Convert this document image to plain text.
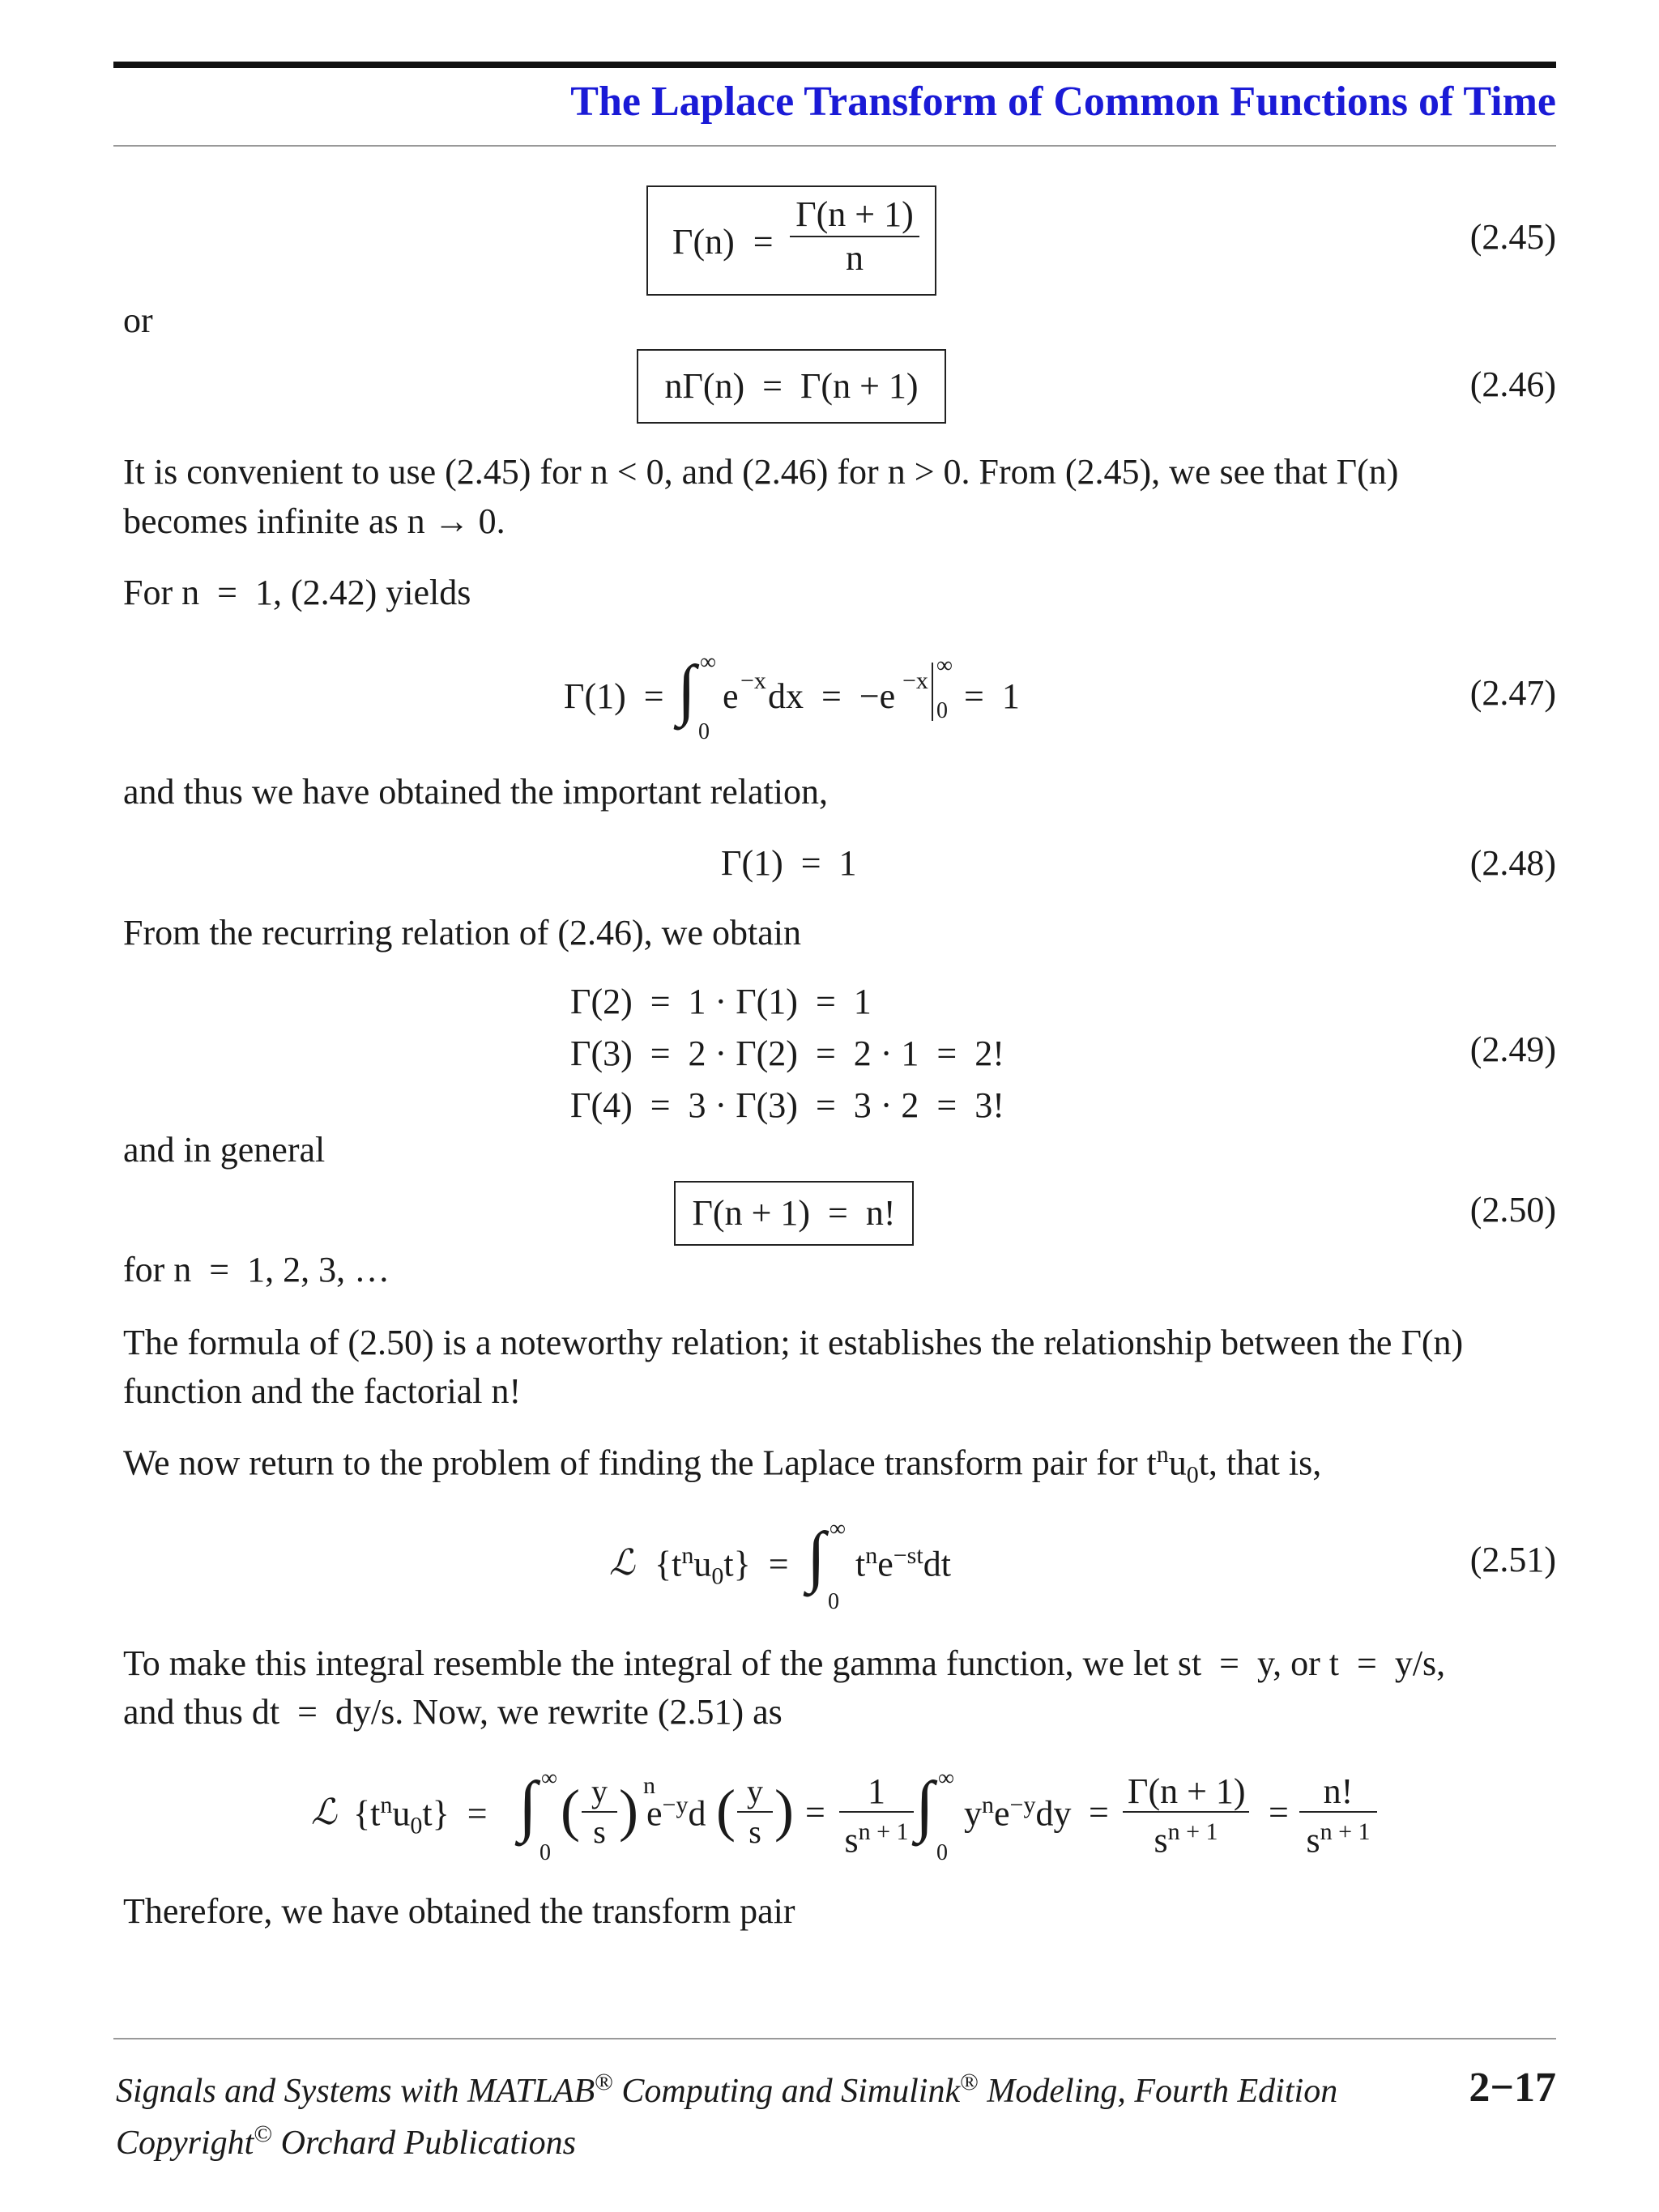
The Laplace Transform of Common Functions of Time
$\Gamma(n) = \frac{\Gamma(n + 1)}{n}$	(2.45)
or
nΓ(n)  =  Γ(n + 1)	(2.46)
It is convenient to use (2.45) for n < 0, and (2.46) for n > 0. From (2.45), we see that Γ(n)
becomes infinite as n → 0.
For n  =  1, (2.42) yields
Γ(1)  = ∫ ∞
0
e −x dx  =  −e −x
∞
0 =  1	(2.47)
and thus we have obtained the important relation,
Γ(1)  =  1	(2.48)
From the recurring relation of (2.46), we obtain
Γ(2)  =  1 · Γ(1)  =  1
Γ(3)  =  2 · Γ(2)  =  2 · 1  =  2!
Γ(4)  =  3 · Γ(3)  =  3 · 2  =  3!
(2.49)
and in general
Γ(n + 1)  =  n!	(2.50)
for n  =  1, 2, 3, …
The formula of (2.50) is a noteworthy relation; it establishes the relationship between the Γ(n)
function and the factorial n!
We now return to the problem of finding the Laplace transform pair for $t^nu_0t$, that is,
ℒ $\{t^nu_0t\}$  = ∫ ∞
0
$t^ne^{-st}dt$	(2.51)
To make this integral resemble the integral of the gamma function, we let st  =  y, or t  =  y/s,
and thus dt  =  dy/s. Now, we rewrite (2.51) as
ℒ $\{t^nu_0t\}$  = ∫ ∞
0
( $\frac{y}{s}$ ) n
$e^{-y}d$ ( $\frac{y}{s}$ ) = $\frac{1}{s^{n + 1}}$ ∫ ∞
0
$y^ne^{-y}dy = \frac{\Gamma(n + 1)}{s^{n + 1}} = \frac{n!}{s^{n + 1}}$
Therefore, we have obtained the transform pair
Signals and Systems with MATLAB® Computing and Simulink® Modeling, Fourth Edition
Copyright© Orchard Publications
2−17
